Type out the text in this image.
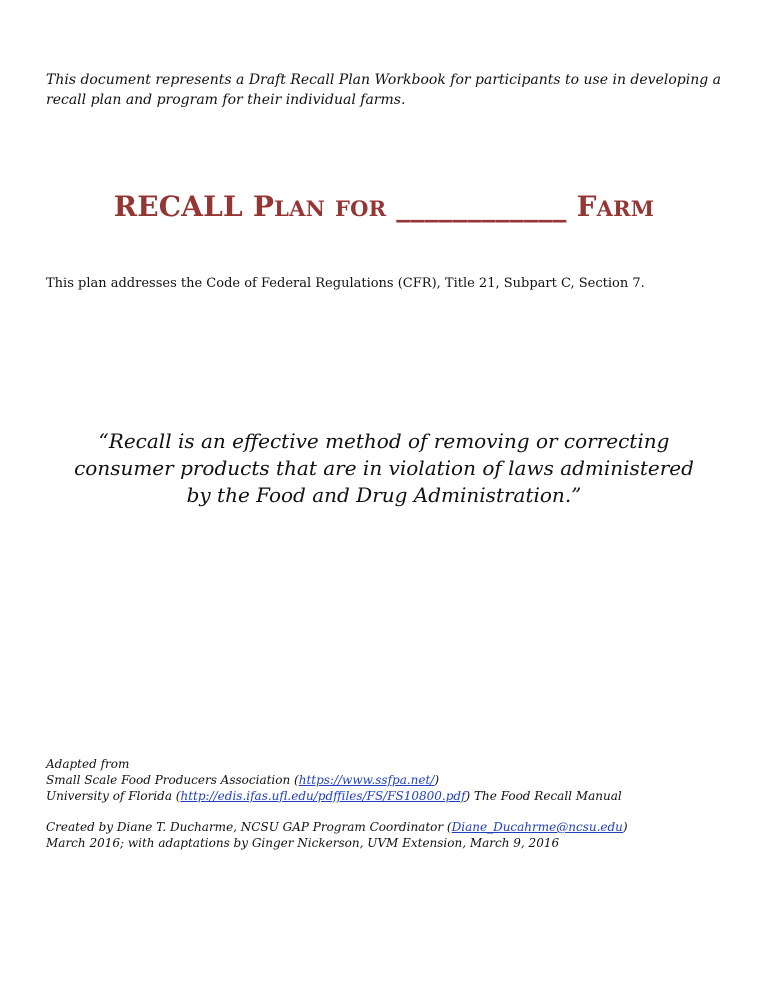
This document represents a Draft Recall Plan Workbook for participants to use in developing a recall plan and program for their individual farms.
RECALL PLAN FOR ____________ FARM
This plan addresses the Code of Federal Regulations (CFR), Title 21, Subpart C, Section 7.
“Recall is an effective method of removing or correcting consumer products that are in violation of laws administered by the Food and Drug Administration.”
Adapted from
Small Scale Food Producers Association (https://www.ssfpa.net/)
University of Florida (http://edis.ifas.ufl.edu/pdffiles/FS/FS10800.pdf) The Food Recall Manual
Created by Diane T. Ducharme, NCSU GAP Program Coordinator (Diane_Ducahrme@ncsu.edu)
March 2016; with adaptations by Ginger Nickerson, UVM Extension, March 9, 2016
